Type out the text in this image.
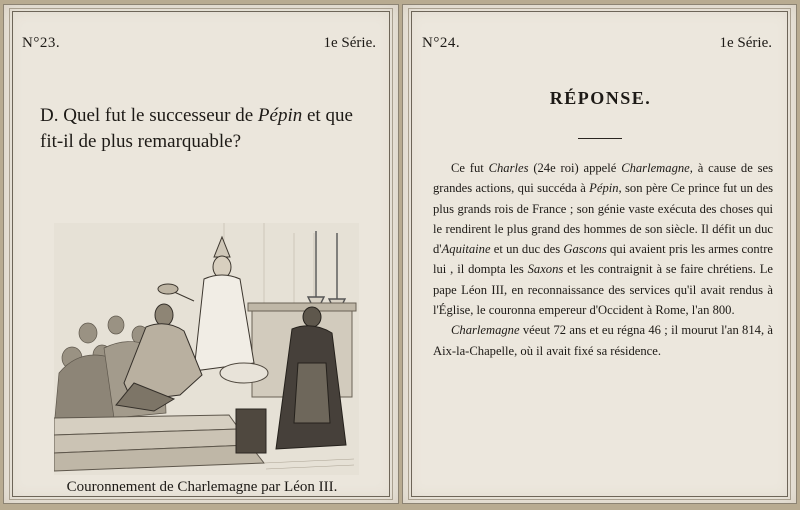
N°23.	1e Série.
D. Quel fut le successeur de Pépin et que fit-il de plus remarquable?
Couronnement de Charlemagne par Léon III.
N°24.	1e Série.
RÉPONSE.

Ce fut Charles (24e roi) appelé Charlemagne, à cause de ses grandes actions, qui succéda à Pépin, son père Ce prince fut un des plus grands rois de France ; son génie vaste exécuta des choses qui le rendirent le plus grand des hommes de son siècle. Il défit un duc d'Aquitaine et un duc des Gascons qui avaient pris les armes contre lui , il dompta les Saxons et les contraignit à se faire chrétiens. Le pape Léon III, en reconnaissance des services qu'il avait rendus à l'Église, le couronna empereur d'Occident à Rome, l'an 800.

Charlemagne véeut 72 ans et eu régna 46 ; il mourut l'an 814, à Aix-la-Chapelle, où il avait fixé sa résidence.
